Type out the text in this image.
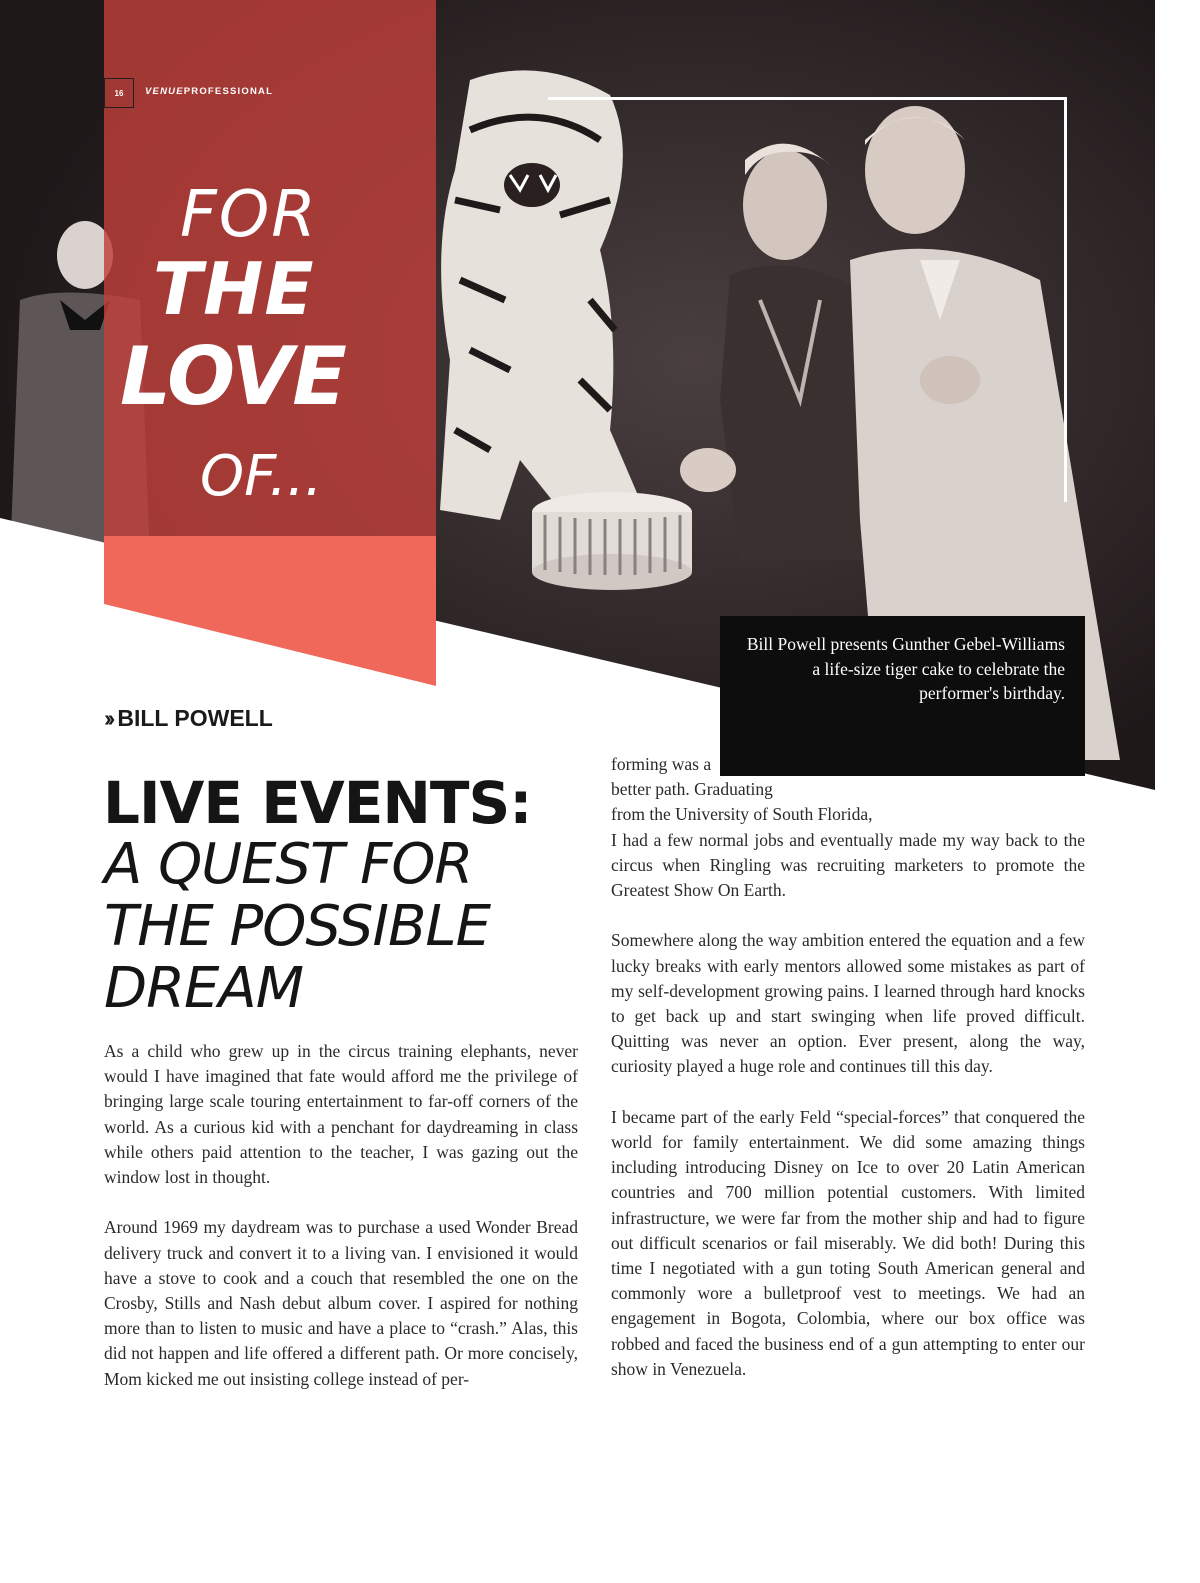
16	VENUEPROFESSIONAL
FOR
THE
LOVE
OF...
Bill Powell presents Gunther Gebel-Williams a life-size tiger cake to celebrate the performer's birthday.
›› BILL POWELL
LIVE EVENTS:
A QUEST FOR THE POSSIBLE DREAM

As a child who grew up in the circus training elephants, never would I have imagined that fate would afford me the privilege of bringing large scale touring entertainment to far-off corners of the world. As a curious kid with a penchant for daydreaming in class while others paid attention to the teacher, I was gazing out the window lost in thought.

Around 1969 my daydream was to purchase a used Wonder Bread delivery truck and convert it to a living van. I envisioned it would have a stove to cook and a couch that resembled the one on the Crosby, Stills and Nash debut album cover. I aspired for nothing more than to listen to music and have a place to “crash.” Alas, this did not happen and life offered a different path. Or more concisely, Mom kicked me out insisting college instead of per-

forming was a
better path. Graduating
from the University of South Florida,

I had a few normal jobs and eventually made my way back to the circus when Ringling was recruiting marketers to promote the Greatest Show On Earth.

Somewhere along the way ambition entered the equation and a few lucky breaks with early mentors allowed some mistakes as part of my self-development growing pains. I learned through hard knocks to get back up and start swinging when life proved difficult. Quitting was never an option. Ever present, along the way, curiosity played a huge role and continues till this day.

I became part of the early Feld “special-forces” that conquered the world for family entertainment. We did some amazing things including introducing Disney on Ice to over 20 Latin American countries and 700 million potential customers. With limited infrastructure, we were far from the mother ship and had to figure out difficult scenarios or fail miserably. We did both! During this time I negotiated with a gun toting South American general and commonly wore a bulletproof vest to meetings. We had an engagement in Bogota, Colombia, where our box office was robbed and faced the business end of a gun attempting to enter our show in Venezuela.
